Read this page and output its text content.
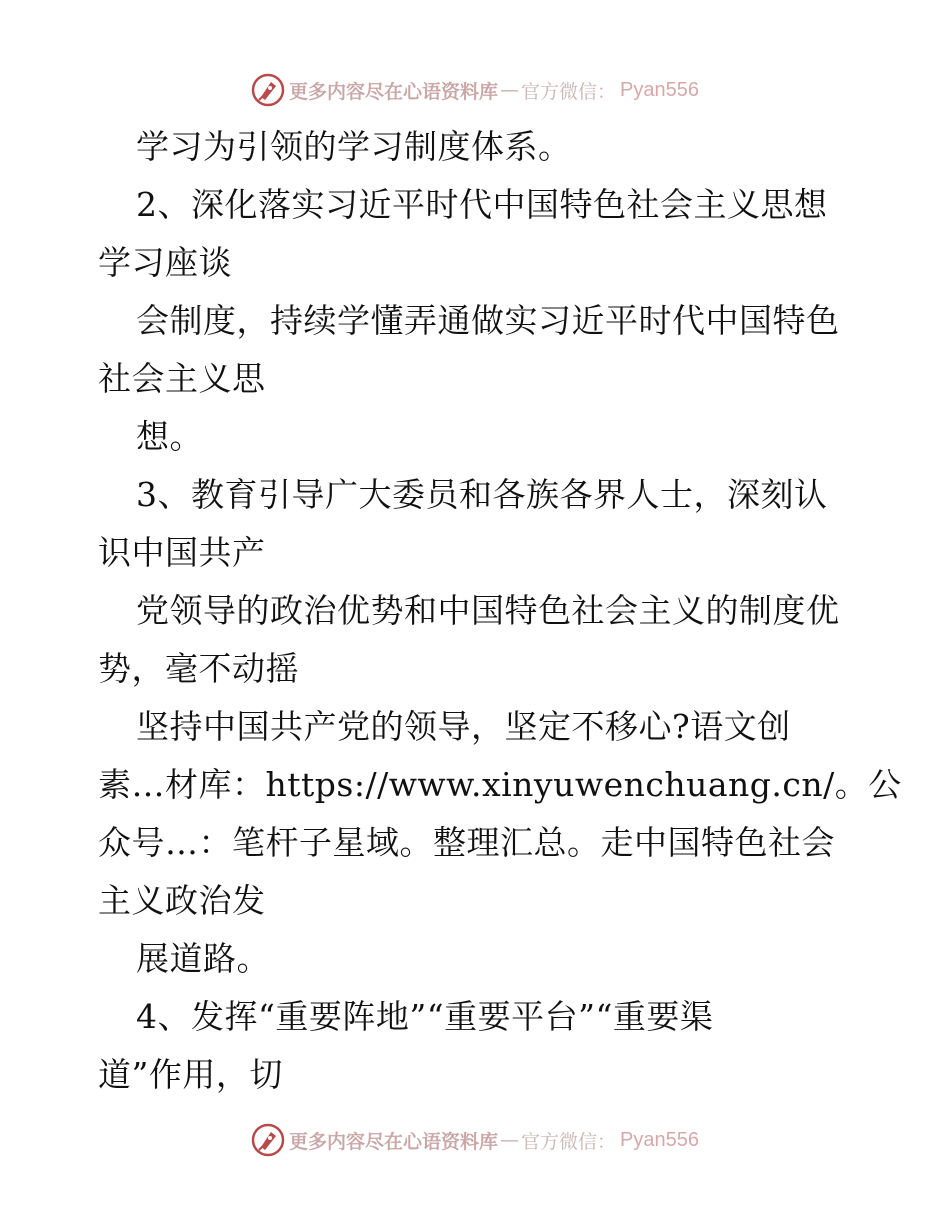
更多内容尽在心语资料库 — 官方微信： Pyan556
学习为引领的学习制度体系。
2、深化落实习近平时代中国特色社会主义思想
学习座谈
会制度，持续学懂弄通做实习近平时代中国特色
社会主义思
想。
3、教育引导广大委员和各族各界人士，深刻认
识中国共产
党领导的政治优势和中国特色社会主义的制度优
势，毫不动摇
坚持中国共产党的领导，坚定不移心?语文创
素…材库：https://www.xinyuwenchuang.cn/。公
众号…：笔杆子星域。整理汇总。走中国特色社会
主义政治发
展道路。
4、发挥“重要阵地”“重要平台”“重要渠
道”作用，切
更多内容尽在心语资料库 — 官方微信： Pyan556
